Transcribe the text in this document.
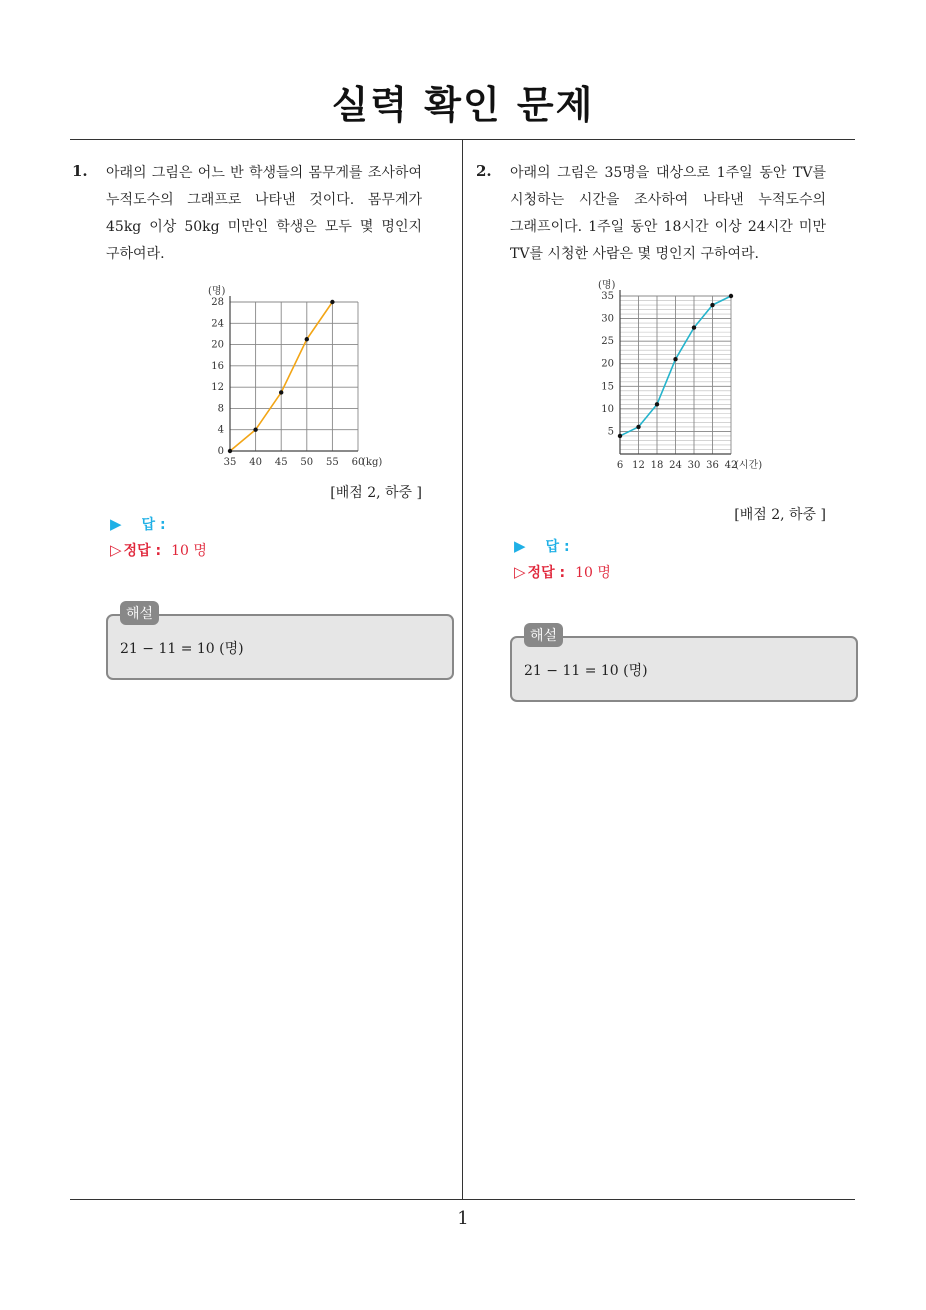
실력 확인 문제
1. 아래의 그림은 어느 반 학생들의 몸무게를 조사하여 누적도수의 그래프로 나타낸 것이다. 몸무게가 45kg 이상 50kg 미만인 학생은 모두 몇 명인지 구하여라.
0
4
8
12
16
20
24
28
35 40 45 50 55 60
(명)
(kg)
[배점 2, 하중 ]
▶ 답 :
▷ 정답 : 10 명
해설
21 − 11 = 10 (명)
2. 아래의 그림은 35명을 대상으로 1주일 동안 TV를 시청하는 시간을 조사하여 나타낸 누적도수의 그래프이다. 1주일 동안 18시간 이상 24시간 미만 TV를 시청한 사람은 몇 명인지 구하여라.
5
10
15
20
25
30
35
6 12 18 24 30 36 42
(명)
(시간)
[배점 2, 하중 ]
▶ 답 :
▷ 정답 : 10 명
해설
21 − 11 = 10 (명)
1
